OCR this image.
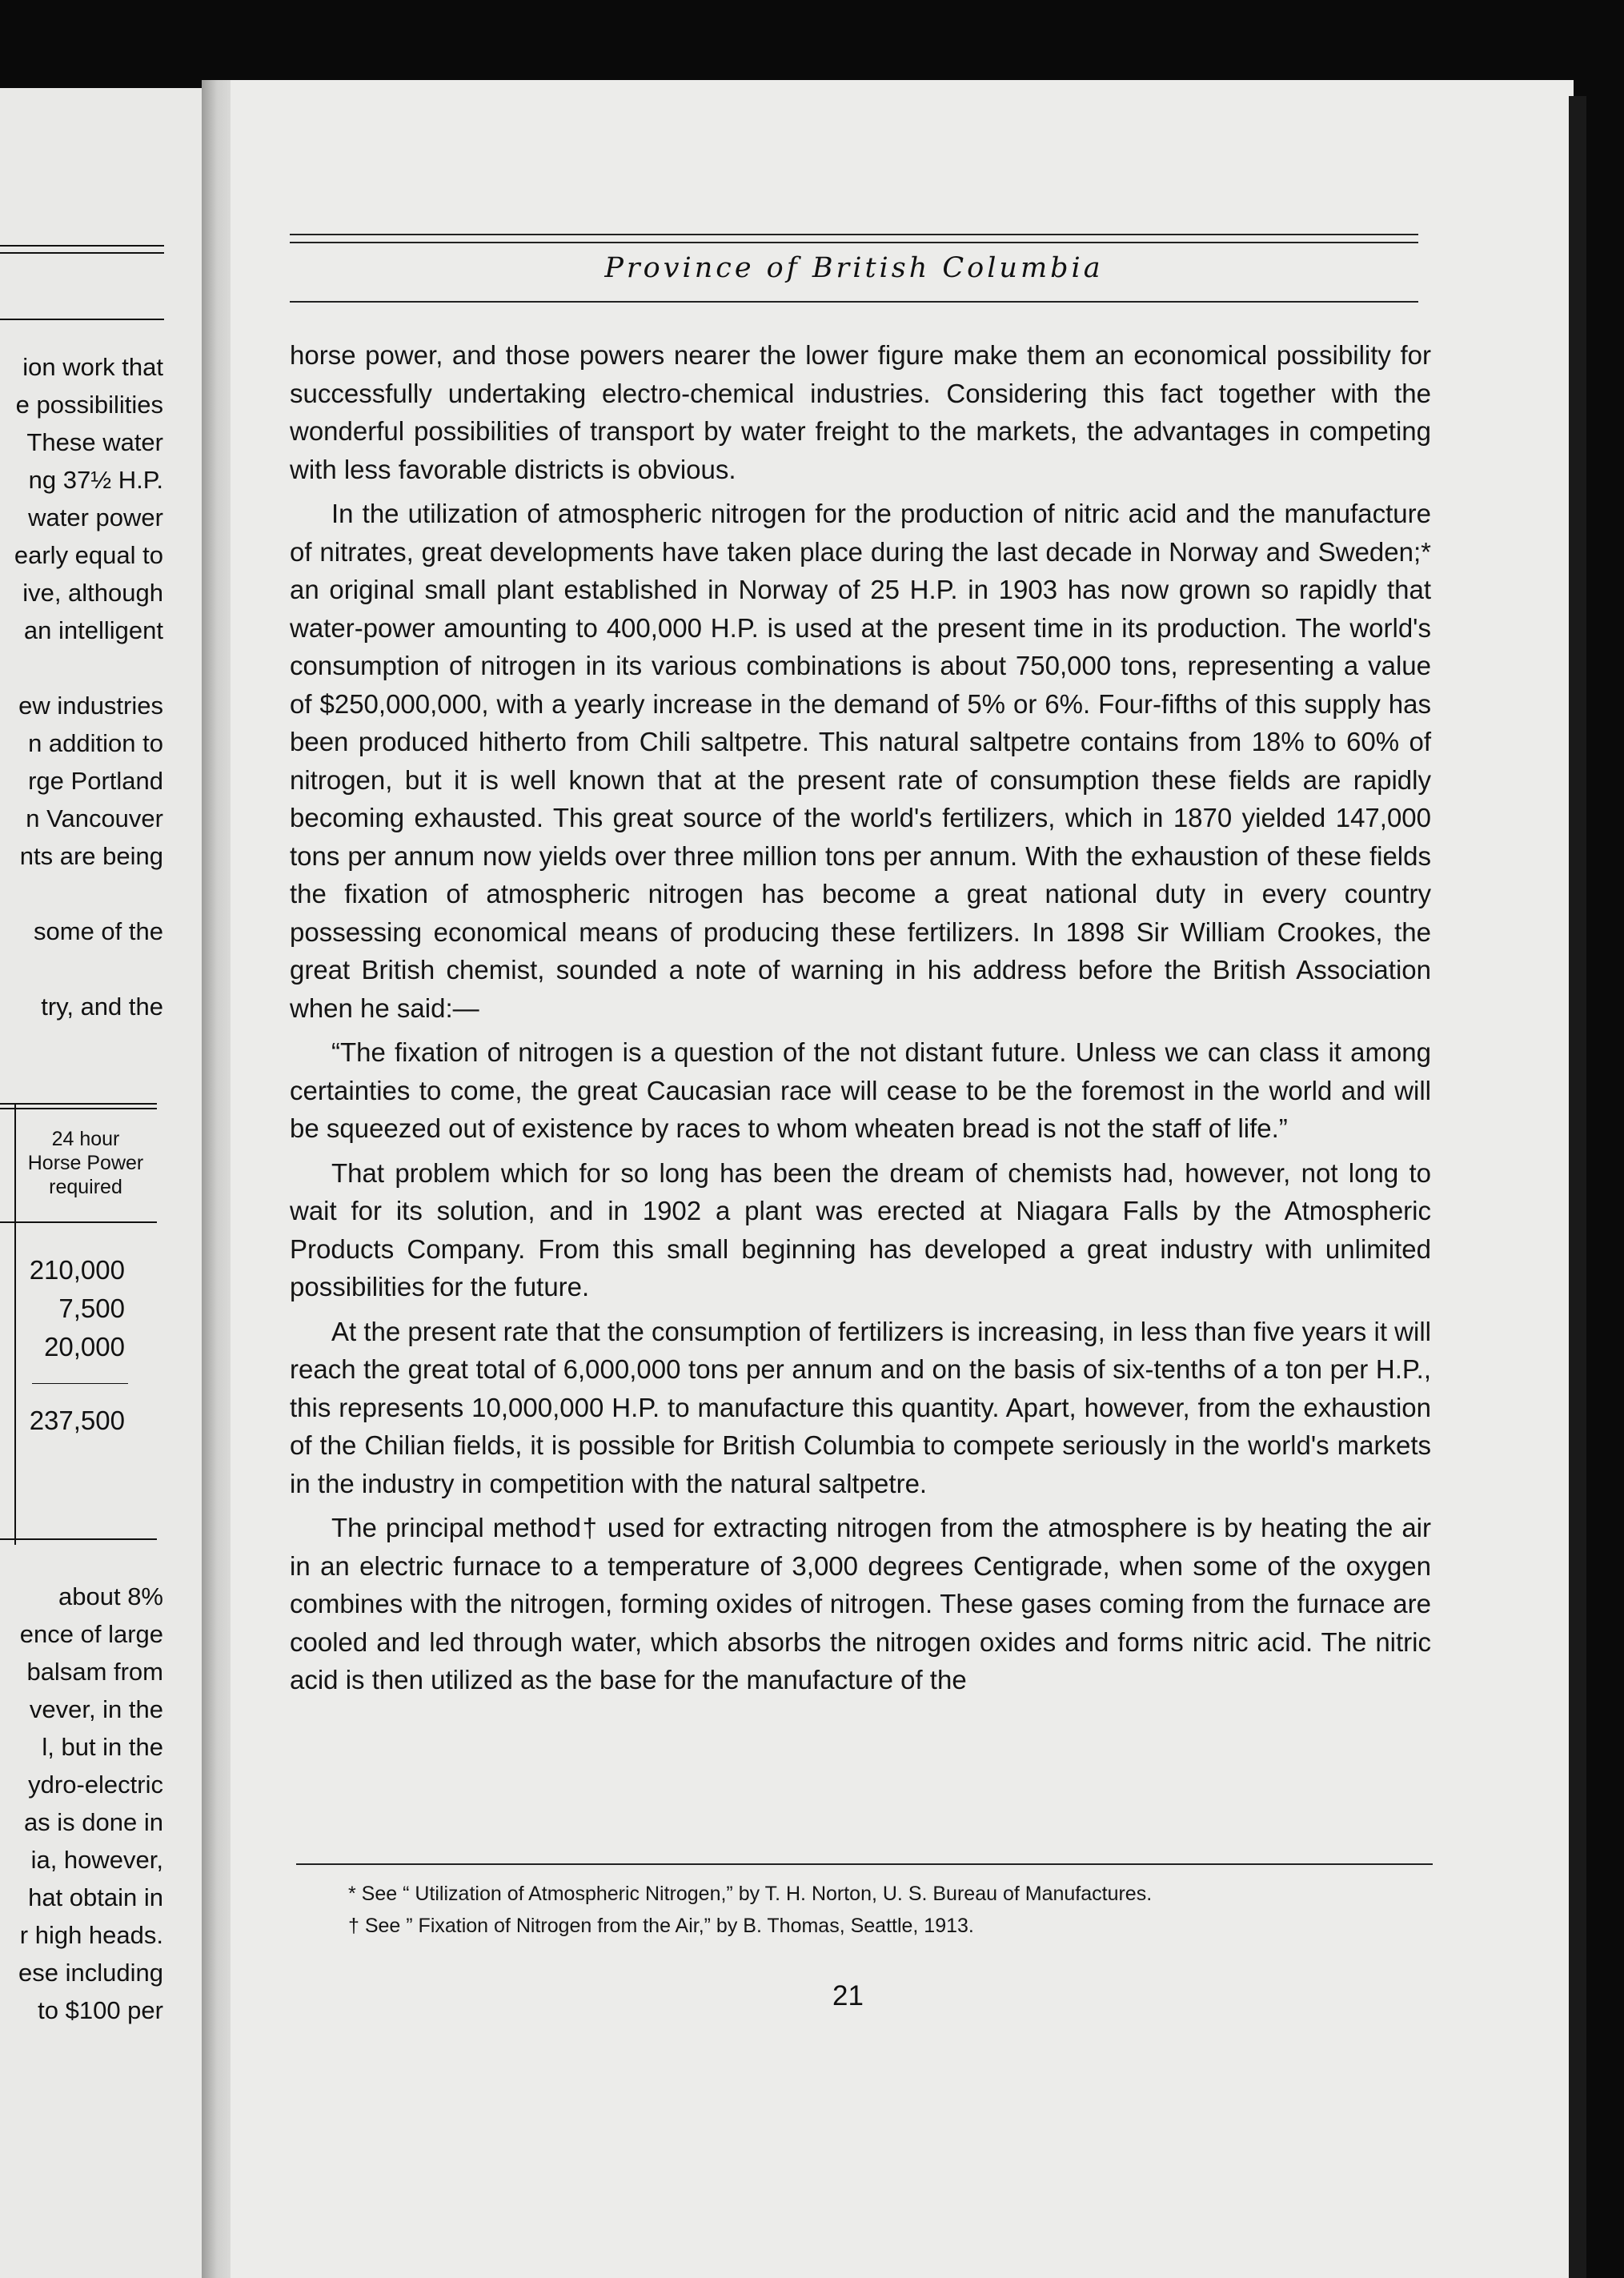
ion work that
e possibilities
These water
ng 37½ H.P.
water power
early equal to
ive, although
an intelligent
ew industries
n addition to
rge Portland
n Vancouver
nts are being
some of the
try, and the
24 hour
Horse Power
required
210,000
7,500
20,000
237,500
about 8%
ence of large
balsam from
vever, in the
l, but in the
ydro-electric
as is done in
ia, however,
hat obtain in
r high heads.
ese including
to $100 per
Province of British Columbia

horse power, and those powers nearer the lower figure make them an economical possibility for successfully undertaking electro-chemical industries. Considering this fact together with the wonderful possibilities of transport by water freight to the markets, the advantages in competing with less favorable districts is obvious.

In the utilization of atmospheric nitrogen for the production of nitric acid and the manufacture of nitrates, great developments have taken place during the last decade in Norway and Sweden;* an original small plant established in Norway of 25 H.P. in 1903 has now grown so rapidly that water-power amounting to 400,000 H.P. is used at the present time in its production. The world's consumption of nitrogen in its various combinations is about 750,000 tons, representing a value of $250,000,000, with a yearly increase in the demand of 5% or 6%. Four-fifths of this supply has been produced hitherto from Chili saltpetre. This natural saltpetre contains from 18% to 60% of nitrogen, but it is well known that at the present rate of consumption these fields are rapidly becoming exhausted. This great source of the world's fertilizers, which in 1870 yielded 147,000 tons per annum now yields over three million tons per annum. With the exhaustion of these fields the fixation of atmospheric nitrogen has become a great national duty in every country possessing economical means of producing these fertilizers. In 1898 Sir William Crookes, the great British chemist, sounded a note of warning in his address before the British Association when he said:—

“The fixation of nitrogen is a question of the not distant future. Unless we can class it among certainties to come, the great Caucasian race will cease to be the foremost in the world and will be squeezed out of existence by races to whom wheaten bread is not the staff of life.”

That problem which for so long has been the dream of chemists had, however, not long to wait for its solution, and in 1902 a plant was erected at Niagara Falls by the Atmospheric Products Company. From this small beginning has developed a great industry with unlimited possibilities for the future.

At the present rate that the consumption of fertilizers is increasing, in less than five years it will reach the great total of 6,000,000 tons per annum and on the basis of six-tenths of a ton per H.P., this represents 10,000,000 H.P. to manufacture this quantity. Apart, however, from the exhaustion of the Chilian fields, it is possible for British Columbia to compete seriously in the world's markets in the industry in competition with the natural saltpetre.

The principal method† used for extracting nitrogen from the atmosphere is by heating the air in an electric furnace to a temperature of 3,000 degrees Centigrade, when some of the oxygen combines with the nitrogen, forming oxides of nitrogen. These gases coming from the furnace are cooled and led through water, which absorbs the nitrogen oxides and forms nitric acid. The nitric acid is then utilized as the base for the manufacture of the

* See “ Utilization of Atmospheric Nitrogen,” by T. H. Norton, U. S. Bureau of Manufactures.
† See ” Fixation of Nitrogen from the Air,” by B. Thomas, Seattle, 1913.
21
